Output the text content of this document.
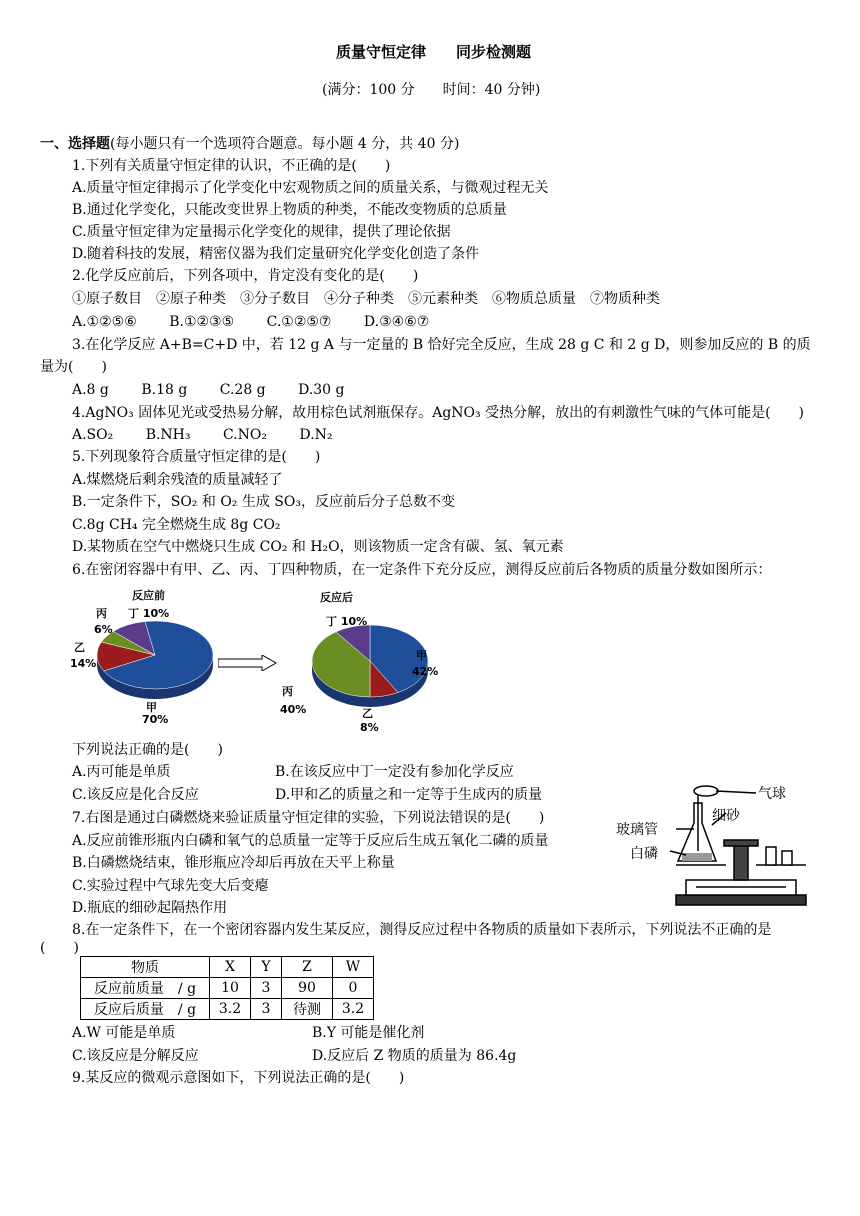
质量守恒定律　　同步检测题
(满分：100 分　　时间：40 分钟)
一、选择题(每小题只有一个选项符合题意。每小题 4 分，共 40 分)
1.下列有关质量守恒定律的认识，不正确的是(　　)
A.质量守恒定律揭示了化学变化中宏观物质之间的质量关系，与微观过程无关
B.通过化学变化，只能改变世界上物质的种类，不能改变物质的总质量
C.质量守恒定律为定量揭示化学变化的规律，提供了理论依据
D.随着科技的发展，精密仪器为我们定量研究化学变化创造了条件
2.化学反应前后，下列各项中，肯定没有变化的是(　　)
①原子数目　②原子种类　③分子数目　④分子种类　⑤元素种类　⑥物质总质量　⑦物质种类
A.①②⑤⑥　　 B.①②③⑤　　 C.①②⑤⑦　　 D.③④⑥⑦
3.在化学反应 A+B=C+D 中，若 12 g A 与一定量的 B 恰好完全反应，生成 28 g C 和 2 g D，则参加反应的 B 的质
量为(　　)
A.8 g　　 B.18 g　　 C.28 g　　 D.30 g
4.AgNO₃ 固体见光或受热易分解，故用棕色试剂瓶保存。AgNO₃ 受热分解，放出的有刺激性气味的气体可能是(　　)
A.SO₂　　 B.NH₃　　 C.NO₂　　 D.N₂
5.下列现象符合质量守恒定律的是(　　)
A.煤燃烧后剩余残渣的质量减轻了
B.一定条件下，SO₂ 和 O₂ 生成 SO₃，反应前后分子总数不变
C.8g CH₄ 完全燃烧生成 8g CO₂
D.某物质在空气中燃烧只生成 CO₂ 和 H₂O，则该物质一定含有碳、氢、氧元素
6.在密闭容器中有甲、乙、丙、丁四种物质，在一定条件下充分反应，测得反应前后各物质的质量分数如图所示：
反应前
丙
6%
丁 10%
乙
14%
甲
70%
反应后
丁 10%
甲
42%
丙
40%	乙
8%
下列说法正确的是(　　)
A.丙可能是单质	B.在该反应中丁一定没有参加化学反应
C.该反应是化合反应	D.甲和乙的质量之和一定等于生成丙的质量
7.右图是通过白磷燃烧来验证质量守恒定律的实验，下列说法错误的是(　　)
A.反应前锥形瓶内白磷和氧气的总质量一定等于反应后生成五氧化二磷的质量
B.白磷燃烧结束，锥形瓶应冷却后再放在天平上称量
C.实验过程中气球先变大后变瘪
D.瓶底的细砂起隔热作用
气球
细砂
玻璃管
白磷
8.在一定条件下，在一个密闭容器内发生某反应，测得反应过程中各物质的质量如下表所示，下列说法不正确的是
(　　)
物质	X	Y	Z	W
反应前质量　/ g	10	3	90	0
反应后质量　/ g	3.2	3	待测	3.2
A.W 可能是单质	B.Y 可能是催化剂
C.该反应是分解反应	D.反应后 Z 物质的质量为 86.4g
9.某反应的微观示意图如下，下列说法正确的是(　　)
